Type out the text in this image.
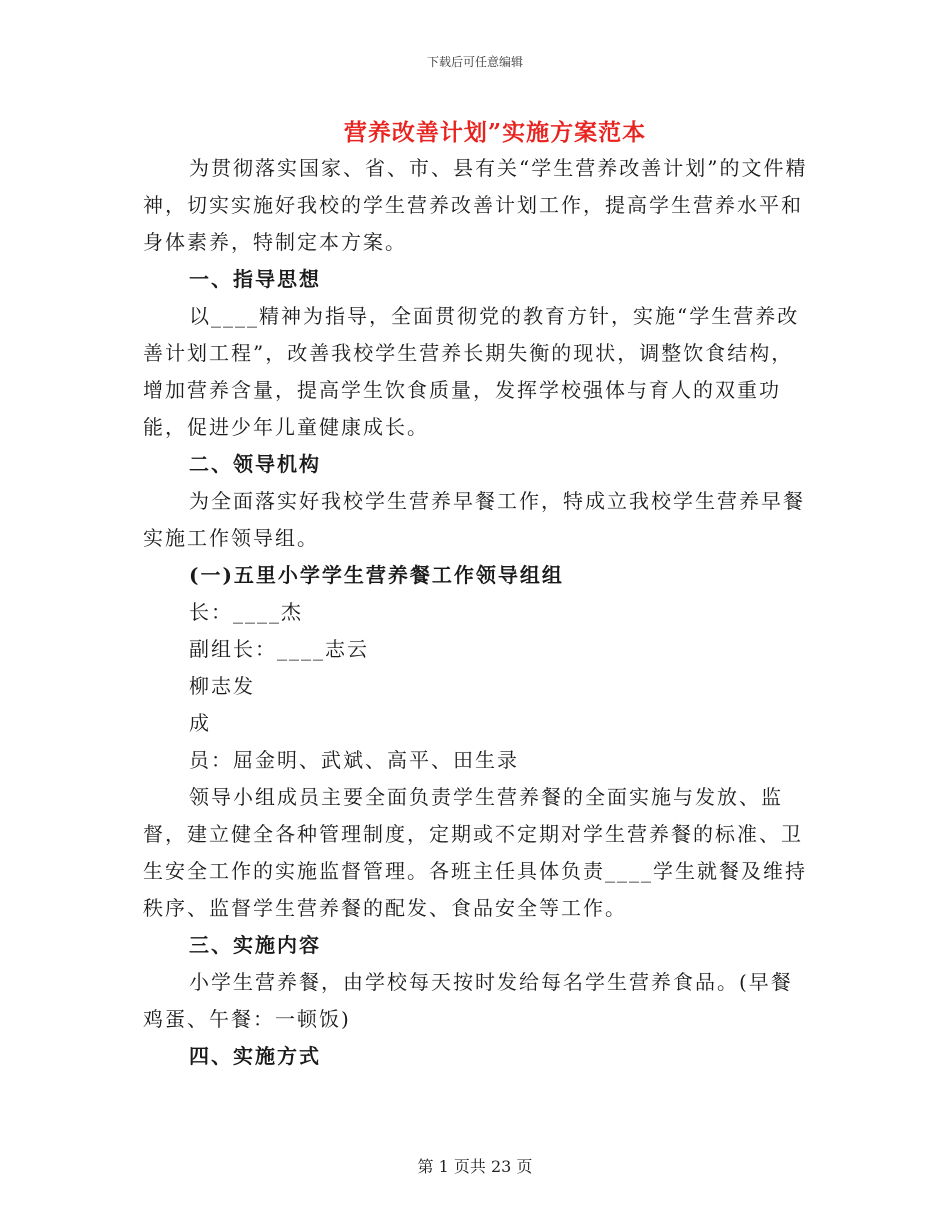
下载后可任意编辑
营养改善计划”实施方案范本

为贯彻落实国家、省、市、县有关“学生营养改善计划”的文件精神，切实实施好我校的学生营养改善计划工作，提高学生营养水平和身体素养，特制定本方案。

一、指导思想

以____精神为指导，全面贯彻党的教育方针，实施“学生营养改善计划工程”，改善我校学生营养长期失衡的现状，调整饮食结构，增加营养含量，提高学生饮食质量，发挥学校强体与育人的双重功能，促进少年儿童健康成长。

二、领导机构

为全面落实好我校学生营养早餐工作，特成立我校学生营养早餐实施工作领导组。

(一)五里小学学生营养餐工作领导组组

长：____杰

副组长：____志云

柳志发

成

员：屈金明、武斌、高平、田生录

领导小组成员主要全面负责学生营养餐的全面实施与发放、监督，建立健全各种管理制度，定期或不定期对学生营养餐的标准、卫生安全工作的实施监督管理。各班主任具体负责____学生就餐及维持秩序、监督学生营养餐的配发、食品安全等工作。

三、实施内容

小学生营养餐，由学校每天按时发给每名学生营养食品。(早餐鸡蛋、午餐：一顿饭)

四、实施方式

第 1 页共 23 页
